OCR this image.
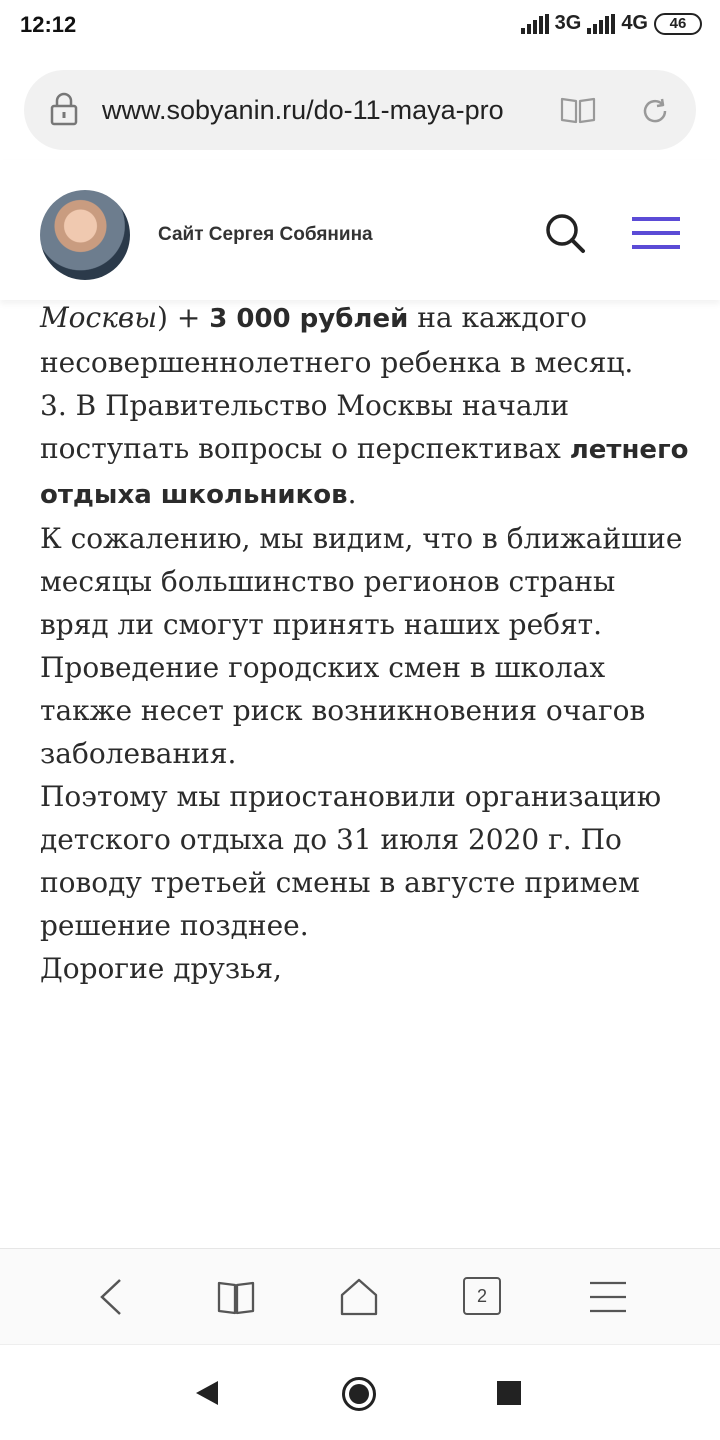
12:12	3G 4G	46
www.sobyanin.ru/do-11-maya-pro
Сайт Сергея Собянина

Москвы) + 3 000 рублей на каждого несовершеннолетнего ребенка в месяц.

3. В Правительство Москвы начали поступать вопросы о перспективах летнего отдыха школьников.

К сожалению, мы видим, что в ближайшие месяцы большинство регионов страны вряд ли смогут принять наших ребят. Проведение городских смен в школах также несет риск возникновения очагов заболевания.

Поэтому мы приостановили организацию детского отдыха до 31 июля 2020 г. По поводу третьей смены в августе примем решение позднее.

Дорогие друзья,

2
